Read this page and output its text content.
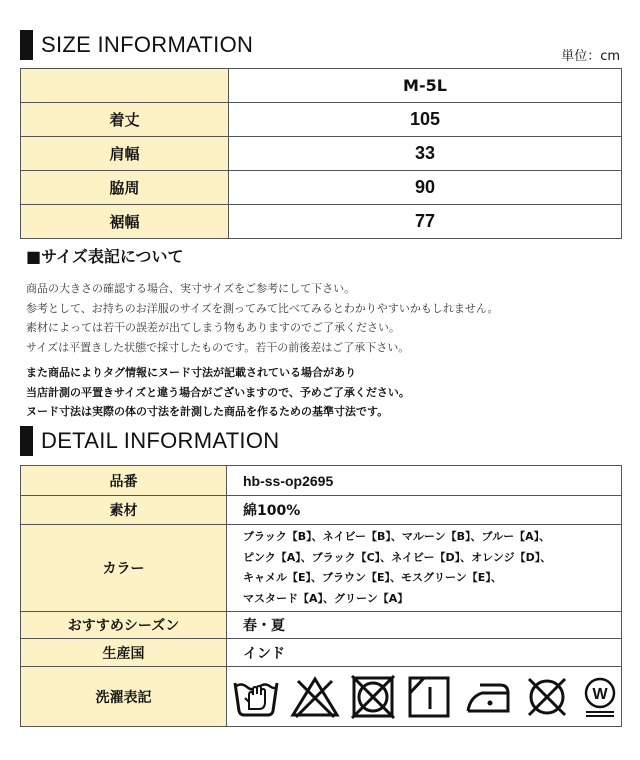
SIZE INFORMATION	単位：cm
	M-5L
着丈	105
肩幅	33
脇周	90
裾幅	77
■サイズ表記について
商品の大きさの確認する場合、実寸サイズをご参考にして下さい。
参考として、お持ちのお洋服のサイズを測ってみて比べてみるとわかりやすいかもしれません。
素材によっては若干の誤差が出てしまう物もありますのでご了承ください。
サイズは平置きした状態で採寸したものです。若干の前後差はご了承下さい。
また商品によりタグ情報にヌード寸法が記載されている場合があり
当店計測の平置きサイズと違う場合がございますので、予めご了承ください。
ヌード寸法は実際の体の寸法を計測した商品を作るための基準寸法です。
DETAIL INFORMATION
品番	hb-ss-op2695
素材	綿100%
カラー	ブラック【B】、ネイビー【B】、マルーン【B】、ブルー【A】、
ピンク【A】、ブラック【C】、ネイビー【D】、オレンジ【D】、
キャメル【E】、ブラウン【E】、モスグリーン【E】、
マスタード【A】、グリーン【A】

おすすめシーズン	春・夏
生産国	インド
洗濯表記	W
